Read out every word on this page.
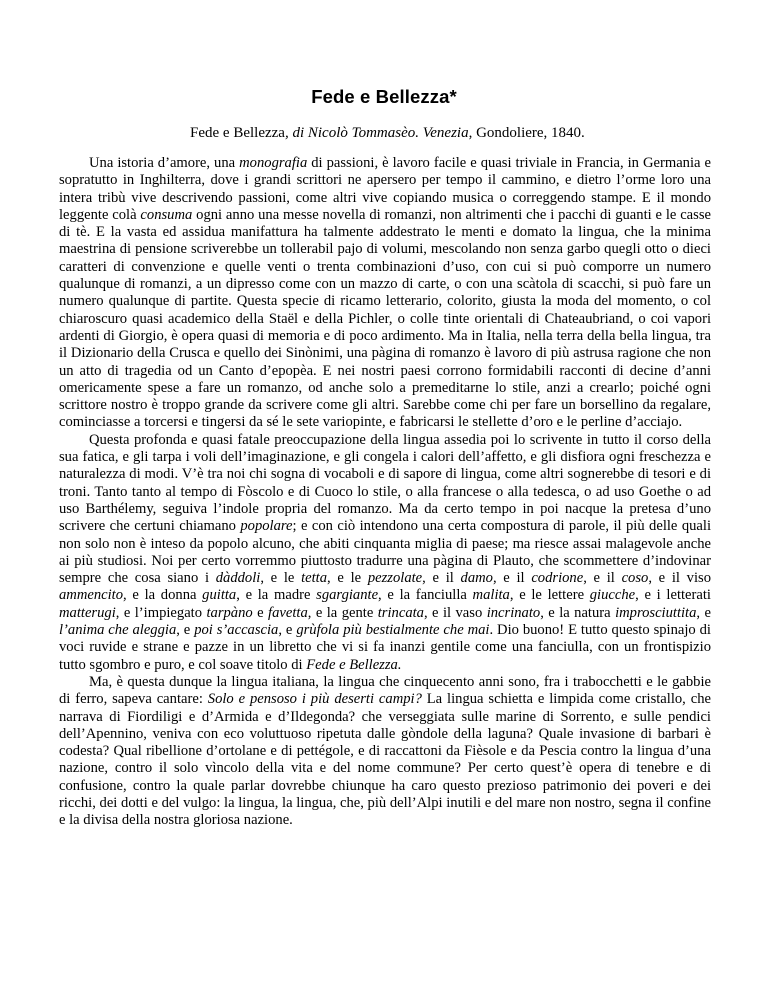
Fede e Bellezza*
Fede e Bellezza, di Nicolò Tommasèo. Venezia, Gondoliere, 1840.

Una istoria d’amore, una monografia di passioni, è lavoro facile e quasi triviale in Francia, in Germania e sopratutto in Inghilterra, dove i grandi scrittori ne apersero per tempo il cammino, e dietro l’orme loro una intera tribù vive descrivendo passioni, come altri vive copiando musica o correggendo stampe. E il mondo leggente colà consuma ogni anno una messe novella di romanzi, non altrimenti che i pacchi di guanti e le casse di tè. E la vasta ed assidua manifattura ha talmente addestrato le menti e domato la lingua, che la minima maestrina di pensione scriverebbe un tollerabil pajo di volumi, mescolando non senza garbo quegli otto o dieci caratteri di convenzione e quelle venti o trenta combinazioni d’uso, con cui si può comporre un numero qualunque di romanzi, a un dipresso come con un mazzo di carte, o con una scàtola di scacchi, si può fare un numero qualunque di partite. Questa specie di ricamo letterario, colorito, giusta la moda del momento, o col chiaroscuro quasi academico della Staël e della Pichler, o colle tinte orientali di Chateaubriand, o coi vapori ardenti di Giorgio, è opera quasi di memoria e di poco ardimento. Ma in Italia, nella terra della bella lingua, tra il Dizionario della Crusca e quello dei Sinònimi, una pàgina di romanzo è lavoro di più astrusa ragione che non un atto di tragedia od un Canto d’epopèa. E nei nostri paesi corrono formidabili racconti di decine d’anni omericamente spese a fare un romanzo, od anche solo a premeditarne lo stile, anzi a crearlo; poiché ogni scrittore nostro è troppo grande da scrivere come gli altri. Sarebbe come chi per fare un borsellino da regalare, cominciasse a torcersi e tingersi da sé le sete variopinte, e fabricarsi le stellette d’oro e le perline d’acciajo.

Questa profonda e quasi fatale preoccupazione della lingua assedia poi lo scrivente in tutto il corso della sua fatica, e gli tarpa i voli dell’imaginazione, e gli congela i calori dell’affetto, e gli disfiora ogni freschezza e naturalezza di modi. V’è tra noi chi sogna di vocaboli e di sapore di lingua, come altri sognerebbe di tesori e di troni. Tanto tanto al tempo di Fòscolo e di Cuoco lo stile, o alla francese o alla tedesca, o ad uso Goethe o ad uso Barthélemy, seguiva l’indole propria del romanzo. Ma da certo tempo in poi nacque la pretesa d’uno scrivere che certuni chiamano popolare; e con ciò intendono una certa compostura di parole, il più delle quali non solo non è inteso da popolo alcuno, che abiti cinquanta miglia di paese; ma riesce assai malagevole anche ai più studiosi. Noi per certo vorremmo piuttosto tradurre una pàgina di Plauto, che scommettere d’indovinar sempre che cosa siano i dàddoli, e le tetta, e le pezzolate, e il damo, e il codrione, e il coso, e il viso ammencito, e la donna guitta, e la madre sgargiante, e la fanciulla malita, e le lettere giucche, e i letterati matterugi, e l’impiegato tarpàno e favetta, e la gente trincata, e il vaso incrinato, e la natura improsciuttita, e l’anima che aleggia, e poi s’accascia, e grùfola più bestialmente che mai. Dio buono! E tutto questo spinajo di voci ruvide e strane e pazze in un libretto che vi si fa inanzi gentile come una fanciulla, con un frontispizio tutto sgombro e puro, e col soave titolo di Fede e Bellezza.

Ma, è questa dunque la lingua italiana, la lingua che cinquecento anni sono, fra i trabocchetti e le gabbie di ferro, sapeva cantare: Solo e pensoso i più deserti campi? La lingua schietta e limpida come cristallo, che narrava di Fiordiligi e d’Armida e d’Ildegonda? che verseggiata sulle marine di Sorrento, e sulle pendici dell’Apennino, veniva con eco voluttuoso ripetuta dalle gòndole della laguna? Quale invasione di barbari è codesta? Qual ribellione d’ortolane e di pettégole, e di raccattoni da Fièsole e da Pescia contro la lingua d’una nazione, contro il solo vìncolo della vita e del nome commune? Per certo quest’è opera di tenebre e di confusione, contro la quale parlar dovrebbe chiunque ha caro questo prezioso patrimonio dei poveri e dei ricchi, dei dotti e del vulgo: la lingua, la lingua, che, più dell’Alpi inutili e del mare non nostro, segna il confine e la divisa della nostra gloriosa nazione.
